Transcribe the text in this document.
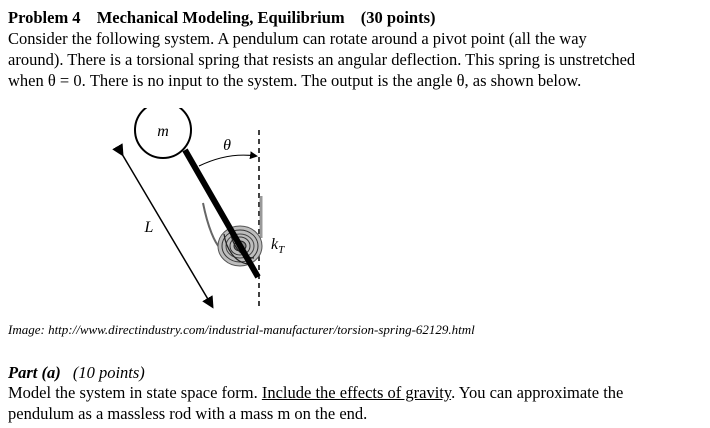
Problem 4 Mechanical Modeling, Equilibrium (30 points)
Consider the following system. A pendulum can rotate around a pivot point (all the way
around). There is a torsional spring that resists an angular deflection. This spring is unstretched
when θ = 0. There is no input to the system. The output is the angle θ, as shown below.
m
θ
L
$k_T$
Image: http://www.directindustry.com/industrial-manufacturer/torsion-spring-62129.html
Part (a) (10 points)
Model the system in state space form. Include the effects of gravity. You can approximate the
pendulum as a massless rod with a mass m on the end.
